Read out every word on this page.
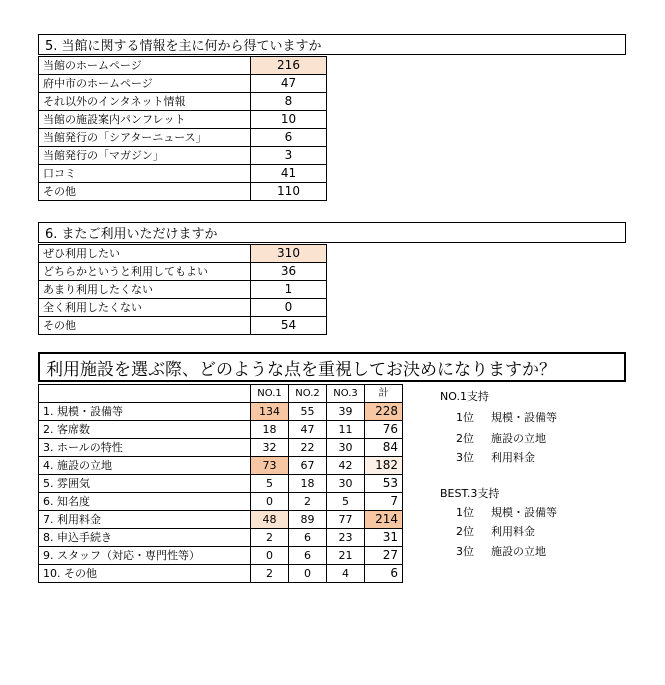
5. 当館に関する情報を主に何から得ていますか
当館のホームページ	216
府中市のホームページ	47
それ以外のインタネット情報	8
当館の施設案内パンフレット	10
当館発行の「シアターニュース」	6
当館発行の「マガジン」	3
口コミ	41
その他	110
6. またご利用いただけますか
ぜひ利用したい	310
どちらかというと利用してもよい	36
あまり利用したくない	1
全く利用したくない	0
その他	54
利用施設を選ぶ際、どのような点を重視してお決めになりますか？
	NO.1	NO.2	NO.3	計
1. 規模・設備等	134	55	39	228
2. 客席数	18	47	11	76
3. ホールの特性	32	22	30	84
4. 施設の立地	73	67	42	182
5. 雰囲気	5	18	30	53
6. 知名度	0	2	5	7
7. 利用料金	48	89	77	214
8. 申込手続き	2	6	23	31
9. スタッフ（対応・専門性等）	0	6	21	27
10. その他	2	0	4	6
NO.1支持
1位 規模・設備等
2位 施設の立地
3位 利用料金
BEST.3支持
1位 規模・設備等
2位 利用料金
3位 施設の立地
